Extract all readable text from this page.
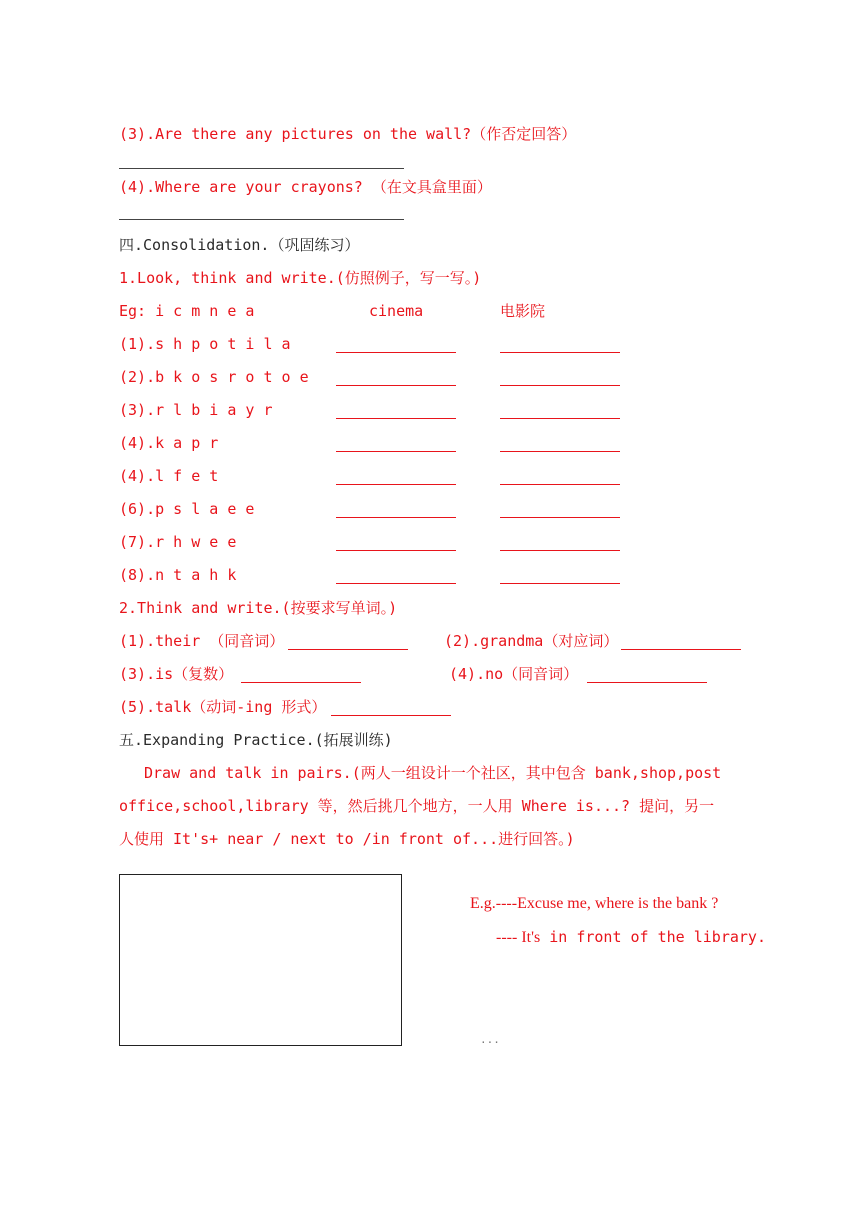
(3).Are there any pictures on the wall?（作否定回答）
(4).Where are your crayons? （在文具盒里面）
四.Consolidation.（巩固练习）
1.Look, think and write.(仿照例子，写一写。)
Eg: i c m n e a	cinema	电影院
(1).s h p o t i l a
(2).b k o s r o t o e
(3).r l b i a y r
(4).k a p r
(4).l f e t
(6).p s l a e e
(7).r h w e e
(8).n t a h k
2.Think and write.(按要求写单词。)
(1).their （同音词）	(2).grandma（对应词）
(3).is（复数）	(4).no（同音词）
(5).talk（动词-ing 形式）
五.Expanding Practice.(拓展训练)
Draw and talk in pairs.(两人一组设计一个社区，其中包含 bank,shop,post
office,school,library 等，然后挑几个地方，一人用 Where is...? 提问，另一
人使用 It's+ near / next to /in front of...进行回答。)
E.g.----Excuse me, where is the bank ?
---- It's in front of the library.
...
